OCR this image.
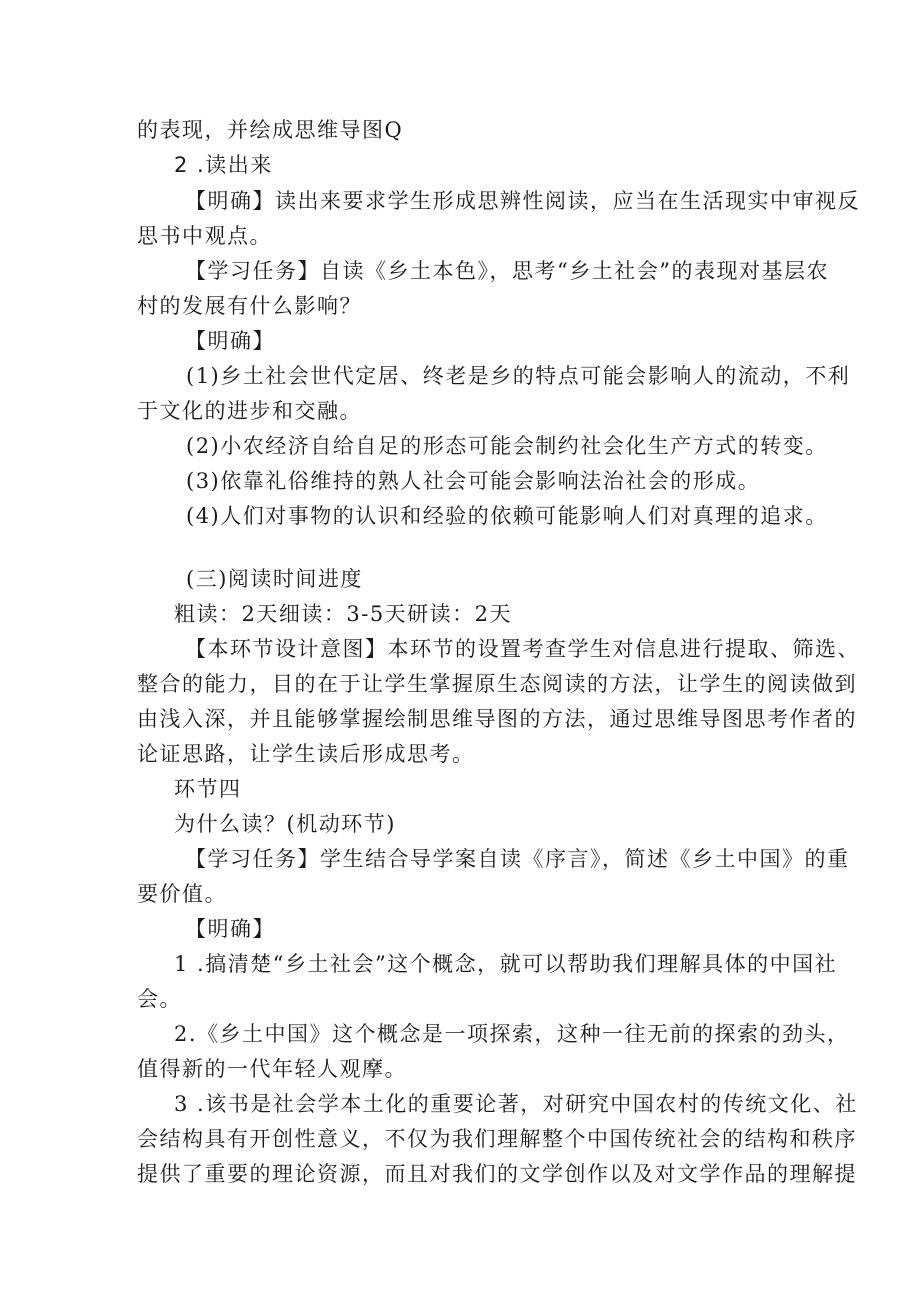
的表现，并绘成思维导图Q
2 .读出来
【明确】读出来要求学生形成思辨性阅读，应当在生活现实中审视反
思书中观点。
【学习任务】自读《乡土本色》，思考“乡土社会”的表现对基层农
村的发展有什么影响？
【明确】
(1)乡土社会世代定居、终老是乡的特点可能会影响人的流动，不利
于文化的进步和交融。
(2)小农经济自给自足的形态可能会制约社会化生产方式的转变。
(3)依靠礼俗维持的熟人社会可能会影响法治社会的形成。
(4)人们对事物的认识和经验的依赖可能影响人们对真理的追求。
(三)阅读时间进度
粗读：2天细读：3-5天研读：2天
【本环节设计意图】本环节的设置考查学生对信息进行提取、筛选、
整合的能力，目的在于让学生掌握原生态阅读的方法，让学生的阅读做到
由浅入深，并且能够掌握绘制思维导图的方法，通过思维导图思考作者的
论证思路，让学生读后形成思考。
环节四
为什么读？(机动环节)
【学习任务】学生结合导学案自读《序言》，简述《乡土中国》的重
要价值。
【明确】
1 .搞清楚“乡土社会”这个概念，就可以帮助我们理解具体的中国社
会。
2.《乡土中国》这个概念是一项探索，这种一往无前的探索的劲头，
值得新的一代年轻人观摩。
3 .该书是社会学本土化的重要论著，对研究中国农村的传统文化、社
会结构具有开创性意义，不仅为我们理解整个中国传统社会的结构和秩序
提供了重要的理论资源，而且对我们的文学创作以及对文学作品的理解提
